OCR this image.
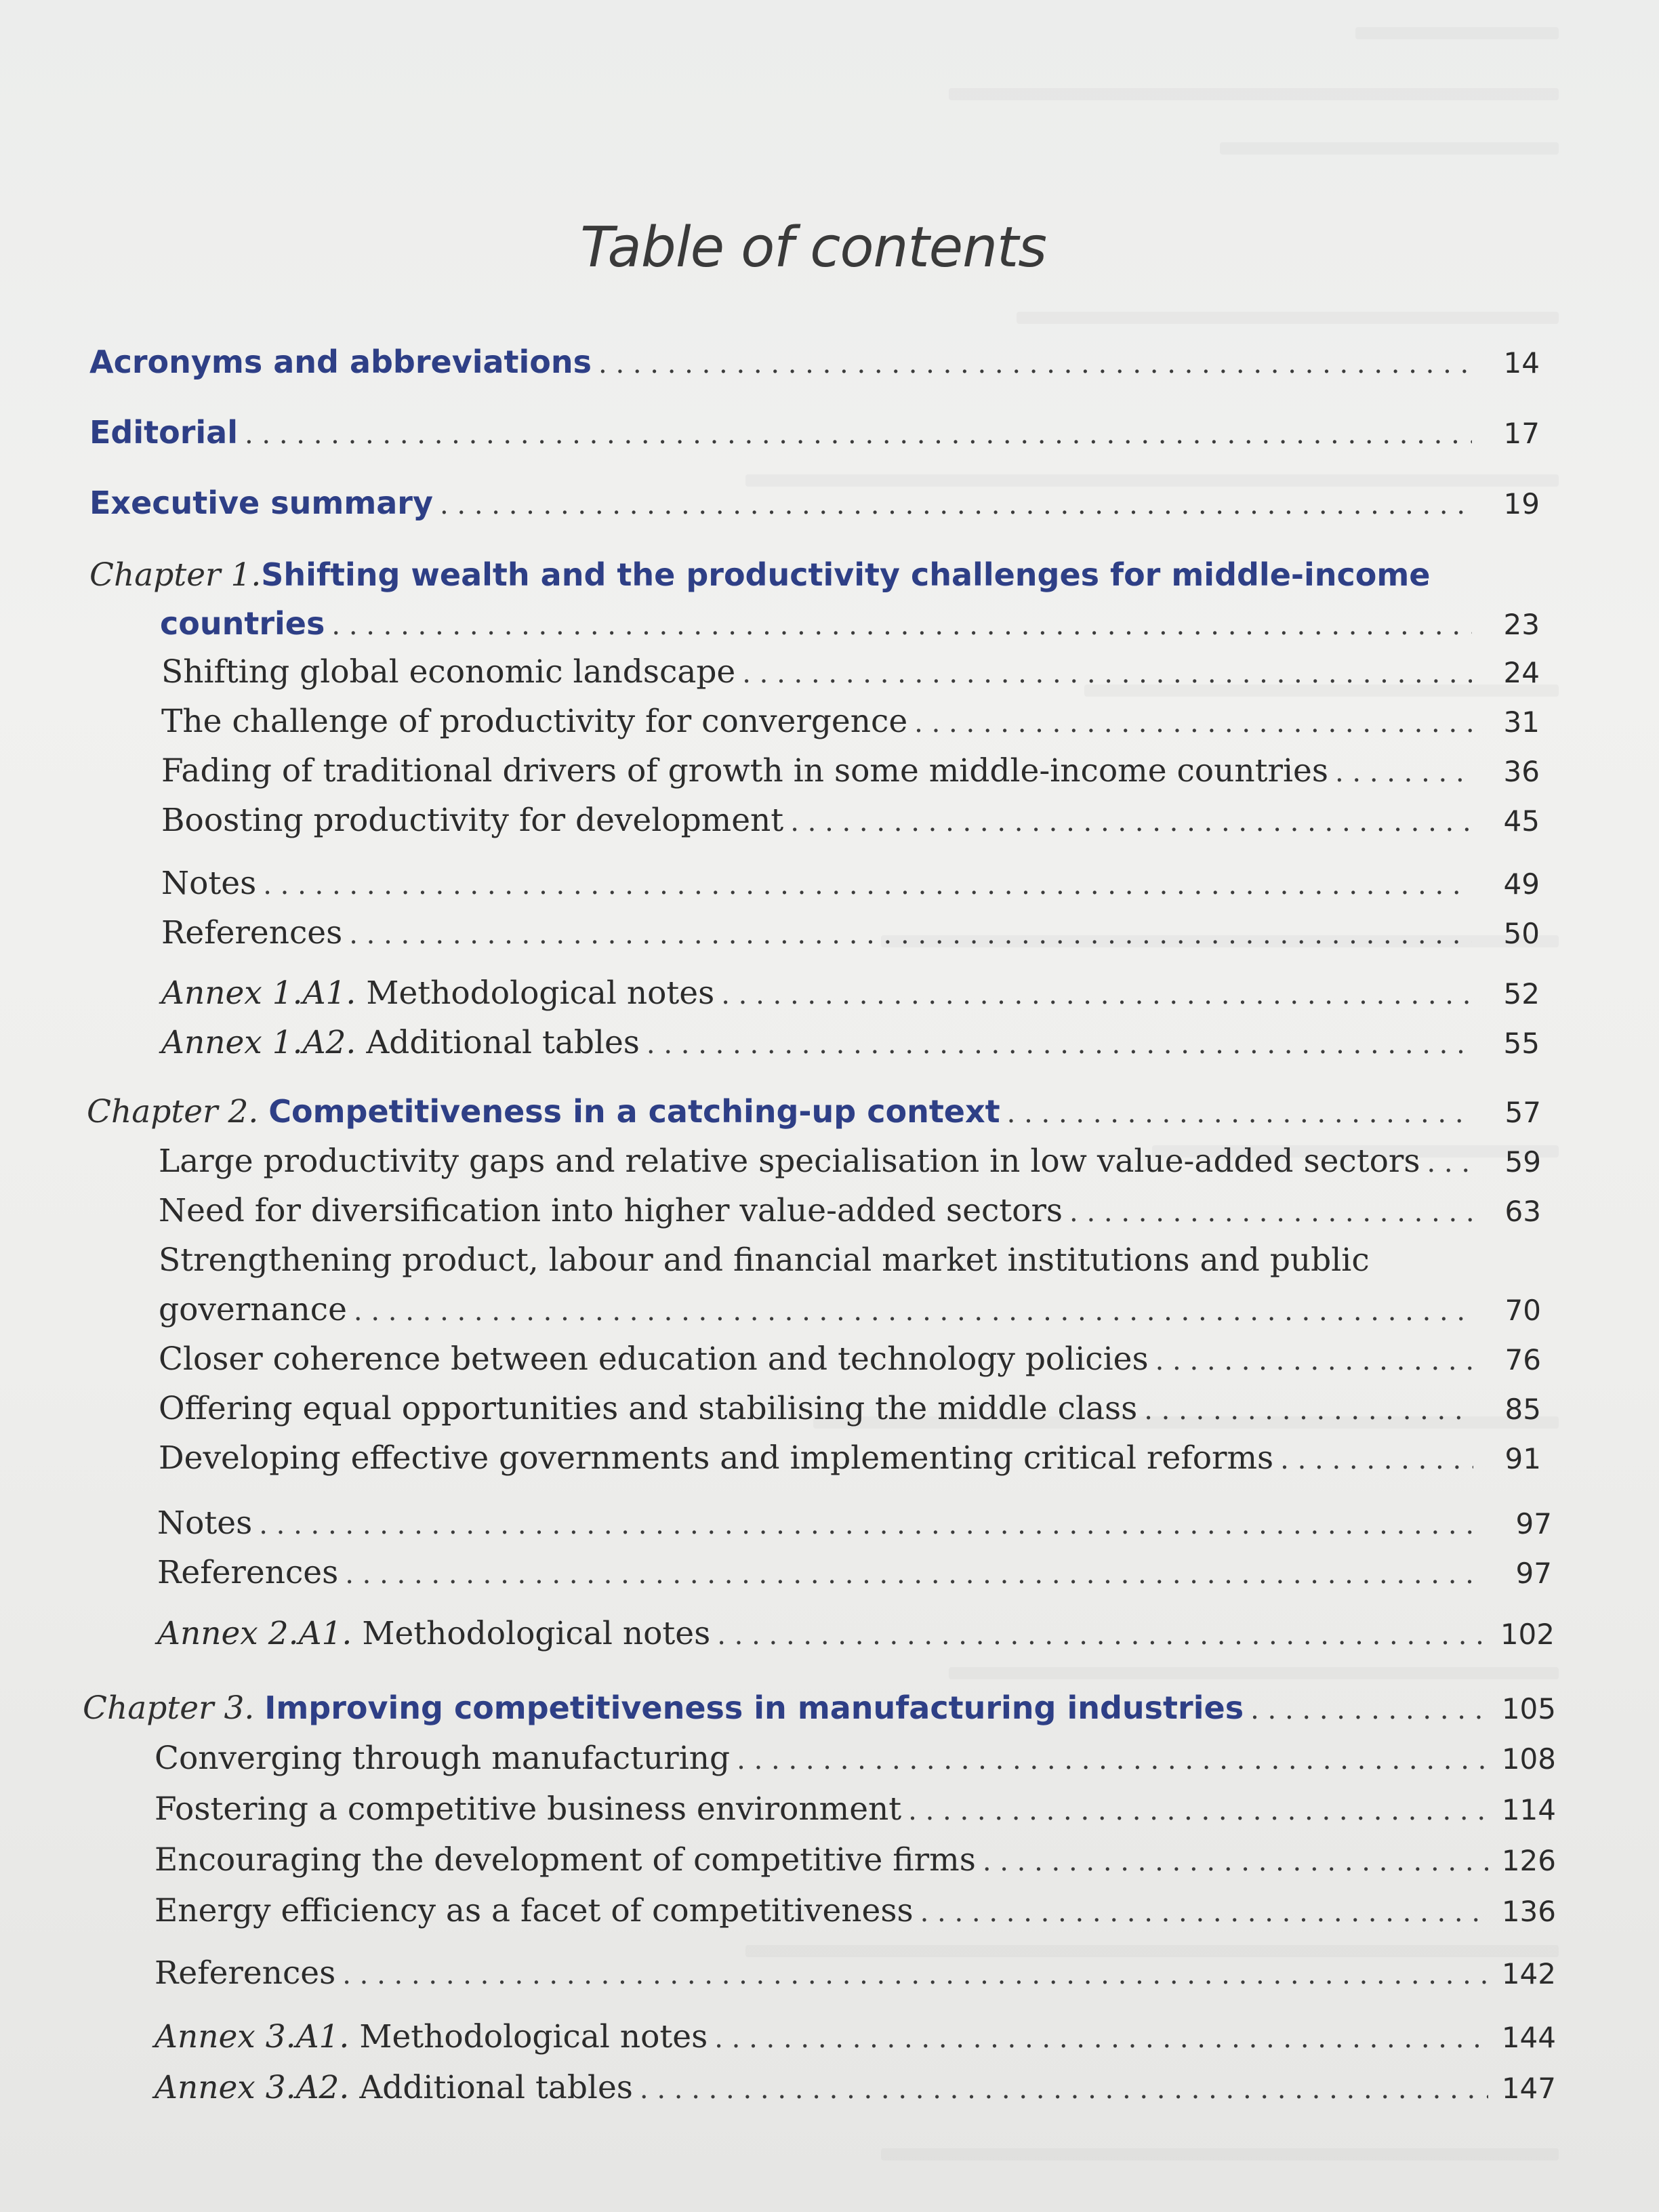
Table of contents
Acronyms and abbreviations . . .	14
Editorial . . .	17
Executive summary . . .	19
Chapter 1. Shifting wealth and the productivity challenges for middle-income
countries . . .	23
Shifting global economic landscape . . .	24
The challenge of productivity for convergence . . .	31
Fading of traditional drivers of growth in some middle-income countries . . .	36
Boosting productivity for development . . .	45
Notes . . .	49
References . . .	50
Annex 1.A1. Methodological notes . . .	52
Annex 1.A2. Additional tables . . .	55
Chapter 2. Competitiveness in a catching-up context . . .	57
Large productivity gaps and relative specialisation in low value-added sectors . . .	59
Need for diversification into higher value-added sectors . . .	63
Strengthening product, labour and financial market institutions and public
governance . . .	70
Closer coherence between education and technology policies . . .	76
Offering equal opportunities and stabilising the middle class . . .	85
Developing effective governments and implementing critical reforms . . .	91
Notes . . .	97
References . . .	97
Annex 2.A1. Methodological notes . . .	102
Chapter 3. Improving competitiveness in manufacturing industries . . .	105
Converging through manufacturing . . .	108
Fostering a competitive business environment . . .	114
Encouraging the development of competitive firms . . .	126
Energy efficiency as a facet of competitiveness . . .	136
References . . .	142
Annex 3.A1. Methodological notes . . .	144
Annex 3.A2. Additional tables . . .	147
